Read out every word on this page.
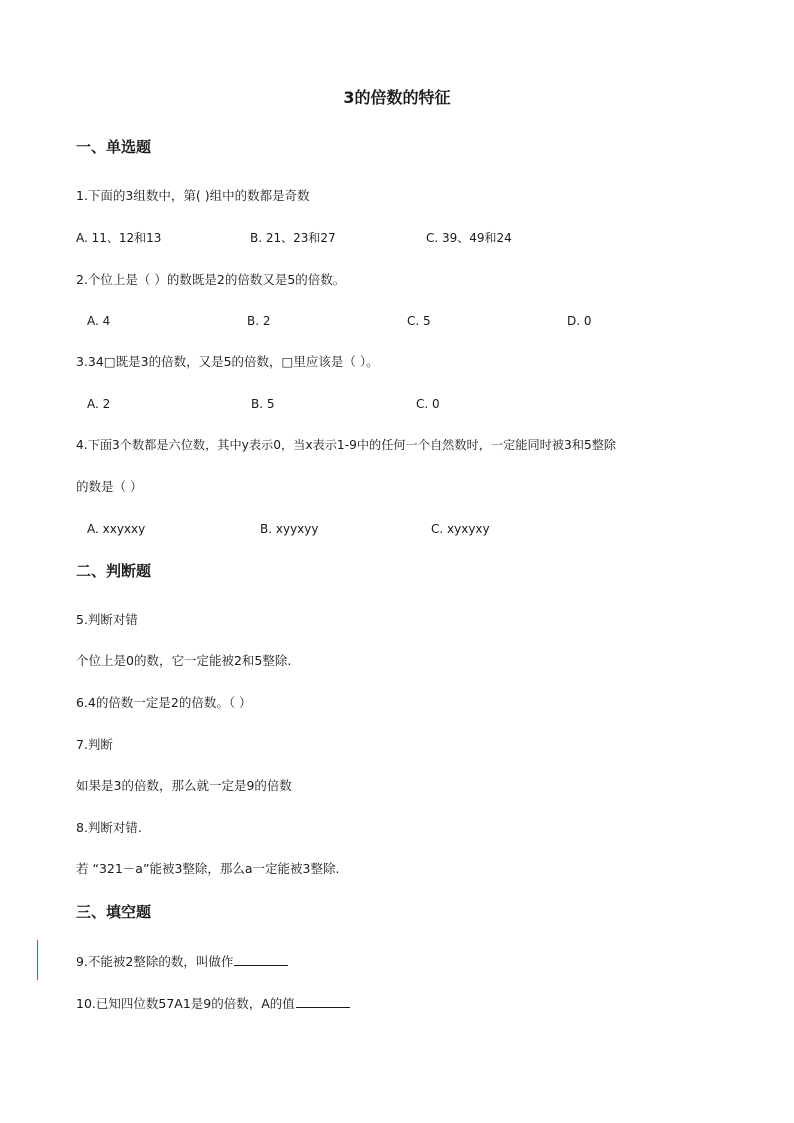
3的倍数的特征
一、单选题
1.下面的3组数中，第( )组中的数都是奇数
A. 11、12和13	B. 21、23和27	C. 39、49和24
2.个位上是（ ）的数既是2的倍数又是5的倍数。
A. 4	B. 2	C. 5	D. 0
3.34□既是3的倍数，又是5的倍数，□里应该是（ ）。
A. 2	B. 5	C. 0
4.下面3个数都是六位数，其中y表示0，当x表示1-9中的任何一个自然数时，一定能同时被3和5整除
的数是（ ）
A. xxyxxy	B. xyyxyy	C. xyxyxy
二、判断题
5.判断对错
个位上是0的数，它一定能被2和5整除.
6.4的倍数一定是2的倍数。（ ）
7.判断
如果是3的倍数，那么就一定是9的倍数
8.判断对错.
若 “321－a”能被3整除，那么a一定能被3整除.
三、填空题
9.不能被2整除的数，叫做作
10.已知四位数57A1是9的倍数，A的值
